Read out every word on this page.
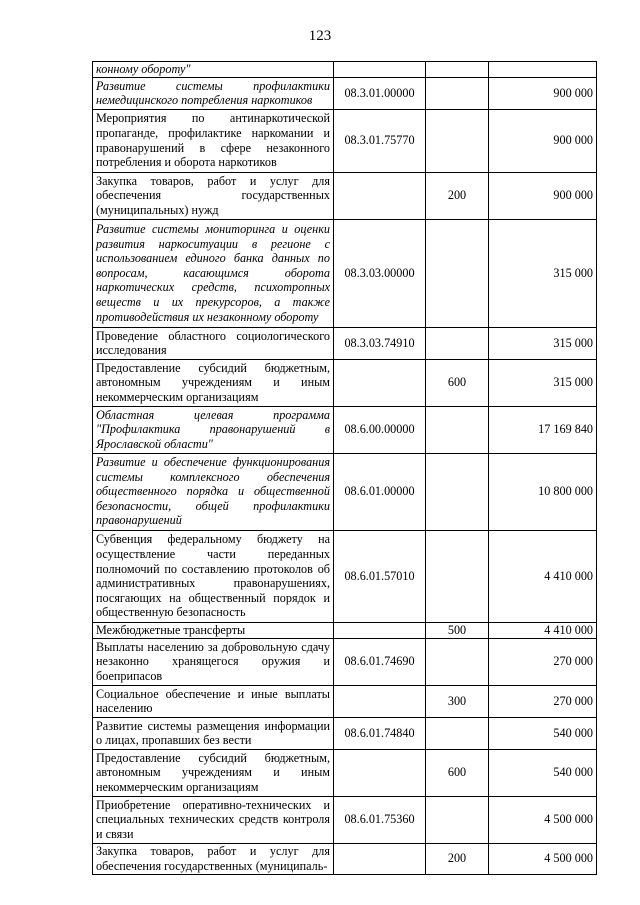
123
конному обороту"			
Развитие системы профилактики немедицинского потребления наркотиков	08.3.01.00000		900 000
Мероприятия по антинаркотической пропаганде, профилактике наркомании и правонарушений в сфере незаконного потребления и оборота наркотиков	08.3.01.75770		900 000
Закупка товаров, работ и услуг для обеспечения государственных (муниципальных) нужд		200	900 000
Развитие системы мониторинга и оценки развития наркоситуации в регионе с использованием единого банка данных по вопросам, касающимся оборота наркотических средств, психотропных веществ и их прекурсоров, а также противодействия их незаконному обороту	08.3.03.00000		315 000
Проведение областного социологического исследования	08.3.03.74910		315 000
Предоставление субсидий бюджетным, автономным учреждениям и иным некоммерческим организациям		600	315 000
Областная целевая программа "Профилактика правонарушений в Ярославской области"	08.6.00.00000		17 169 840
Развитие и обеспечение функционирования системы комплексного обеспечения общественного порядка и общественной безопасности, общей профилактики правонарушений	08.6.01.00000		10 800 000
Субвенция федеральному бюджету на осуществление части переданных полномочий по составлению протоколов об административных правонарушениях, посягающих на общественный порядок и общественную безопасность	08.6.01.57010		4 410 000
Межбюджетные трансферты		500	4 410 000
Выплаты населению за добровольную сдачу незаконно хранящегося оружия и боеприпасов	08.6.01.74690		270 000
Социальное обеспечение и иные выплаты населению		300	270 000
Развитие системы размещения информации о лицах, пропавших без вести	08.6.01.74840		540 000
Предоставление субсидий бюджетным, автономным учреждениям и иным некоммерческим организациям		600	540 000
Приобретение оперативно-технических и специальных технических средств контроля и связи	08.6.01.75360		4 500 000
Закупка товаров, работ и услуг для обеспечения государственных (муниципаль-		200	4 500 000
